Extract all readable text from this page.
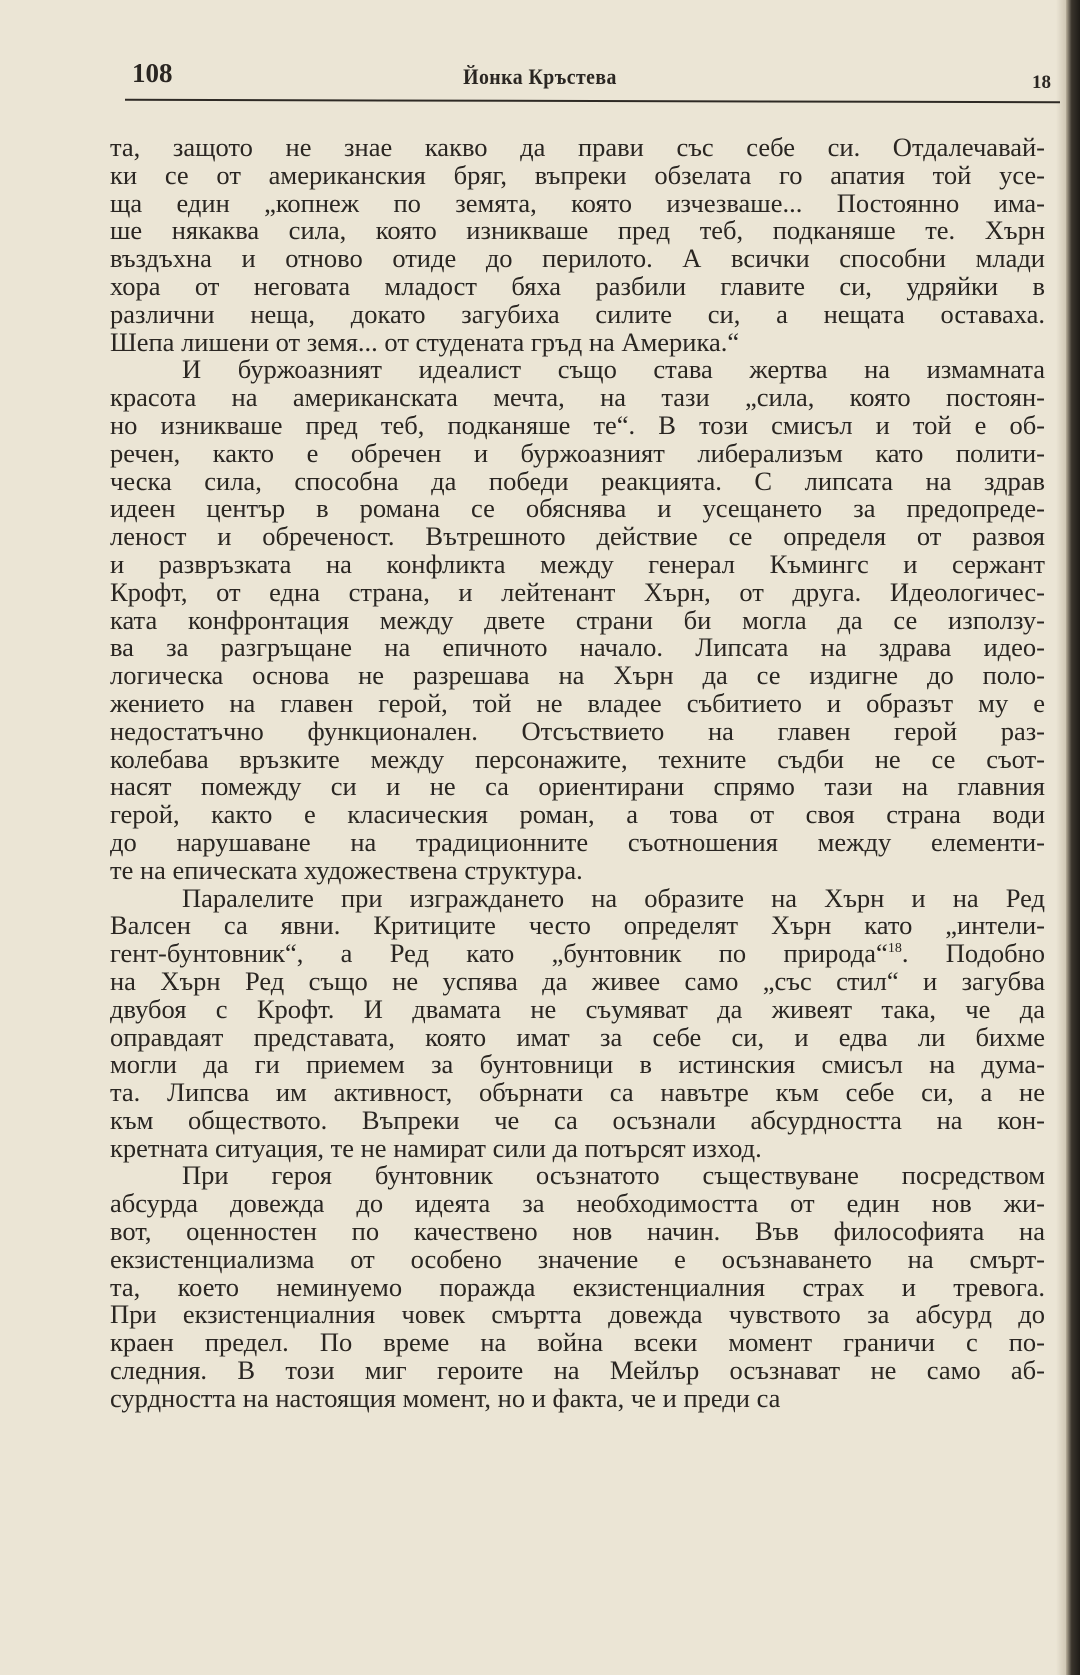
108	Йонка Кръстева	18
та, защото не знае какво да прави със себе си. Отдалечавай-
ки се от американския бряг, въпреки обзелата го апатия той усе-
ща един „копнеж по земята, която изчезваше... Постоянно има-
ше някаква сила, която изникваше пред теб, подканяше те. Хърн
въздъхна и отново отиде до перилото. А всички способни млади
хора от неговата младост бяха разбили главите си, удряйки в
различни неща, докато загубиха силите си, а нещата оставаха.
Шепа лишени от земя... от студената гръд на Америка.“
И буржоазният идеалист също става жертва на измамната
красота на американската мечта, на тази „сила, която постоян-
но изникваше пред теб, подканяше те“. В този смисъл и той е об-
речен, както е обречен и буржоазният либерализъм като полити-
ческа сила, способна да победи реакцията. С липсата на здрав
идеен център в романа се обяснява и усещането за предопреде-
леност и обреченост. Вътрешното действие се определя от развоя
и развръзката на конфликта между генерал Къмингс и сержант
Крофт, от една страна, и лейтенант Хърн, от друга. Идеологичес-
ката конфронтация между двете страни би могла да се използу-
ва за разгръщане на епичното начало. Липсата на здрава идео-
логическа основа не разрешава на Хърн да се издигне до поло-
жението на главен герой, той не владее събитието и образът му е
недостатъчно функционален. Отсъствието на главен герой раз-
колебава връзките между персонажите, техните съдби не се съот-
насят помежду си и не са ориентирани спрямо тази на главния
герой, както е класическия роман, а това от своя страна води
до нарушаване на традиционните съотношения между елементи-
те на епическата художествена структура.
Паралелите при изграждането на образите на Хърн и на Ред
Валсен са явни. Критиците често определят Хърн като „интели-
гент-бунтовник“, а Ред като „бунтовник по природа“$^{18}$. Подобно
на Хърн Ред също не успява да живее само „със стил“ и загубва
двубоя с Крофт. И двамата не съумяват да живеят така, че да
оправдаят представата, която имат за себе си, и едва ли бихме
могли да ги приемем за бунтовници в истинския смисъл на дума-
та. Липсва им активност, обърнати са навътре към себе си, а не
към обществото. Въпреки че са осъзнали абсурдността на кон-
кретната ситуация, те не намират сили да потърсят изход.
При героя бунтовник осъзнатото съществуване посредством
абсурда довежда до идеята за необходимостта от един нов жи-
вот, оценностен по качествено нов начин. Във философията на
екзистенциализма от особено значение е осъзнаването на смърт-
та, което неминуемо поражда екзистенциалния страх и тревога.
При екзистенциалния човек смъртта довежда чувството за абсурд до
краен предел. По време на война всеки момент граничи с по-
следния. В този миг героите на Мейлър осъзнават не само аб-
сурдността на настоящия момент, но и факта, че и преди са
